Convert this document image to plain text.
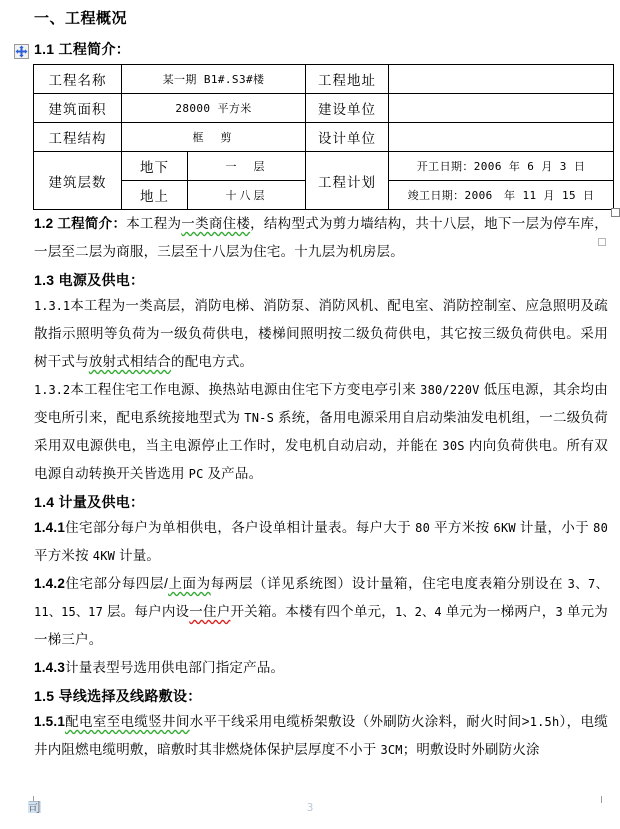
一、工程概况
1.1 工程简介：
工程名称	某一期 B1#.S3#楼		工程地址	
建筑面积	28000 平方米		建设单位	
工程结构	框　剪		设计单位	
建筑层数	地下	一　层	工程计划	开工日期：2006 年 6 月 3 日
	地上	十八层		竣工日期：2006　年 11 月 15 日

1.2 工程简介：本工程为一类商住楼，结构型式为剪力墙结构，共十八层，地下一层为停车库，一层至二层为商服，三层至十八层为住宅。十九层为机房层。

1.3 电源及供电：

1.3.1本工程为一类高层，消防电梯、消防泵、消防风机、配电室、消防控制室、应急照明及疏散指示照明等负荷为一级负荷供电，楼梯间照明按二级负荷供电，其它按三级负荷供电。采用树干式与放射式相结合的配电方式。

1.3.2本工程住宅工作电源、换热站电源由住宅下方变电亭引来 380/220V 低压电源，其余均由变电所引来，配电系统接地型式为 TN-S 系统，备用电源采用自启动柴油发电机组，一二级负荷采用双电源供电，当主电源停止工作时，发电机自动启动，并能在 30S 内向负荷供电。所有双电源自动转换开关皆选用 PC 及产品。

1.4 计量及供电：

1.4.1住宅部分每户为单相供电，各户设单相计量表。每户大于 80 平方米按 6KW 计量，小于 80 平方米按 4KW 计量。

1.4.2住宅部分每四层/上面为每两层（详见系统图）设计量箱，住宅电度表箱分别设在 3、7、11、15、17 层。每户内设一住户开关箱。本楼有四个单元，1、2、4 单元为一梯两户，3 单元为一梯三户。

1.4.3计量表型号选用供电部门指定产品。

1.5 导线选择及线路敷设：

1.5.1配电室至电缆竖井间水平干线采用电缆桥架敷设（外刷防火涂料，耐火时间>1.5h），电缆井内阻燃电缆明敷，暗敷时其非燃烧体保护层厚度不小于 3CM；明敷设时外刷防火涂

司	3
